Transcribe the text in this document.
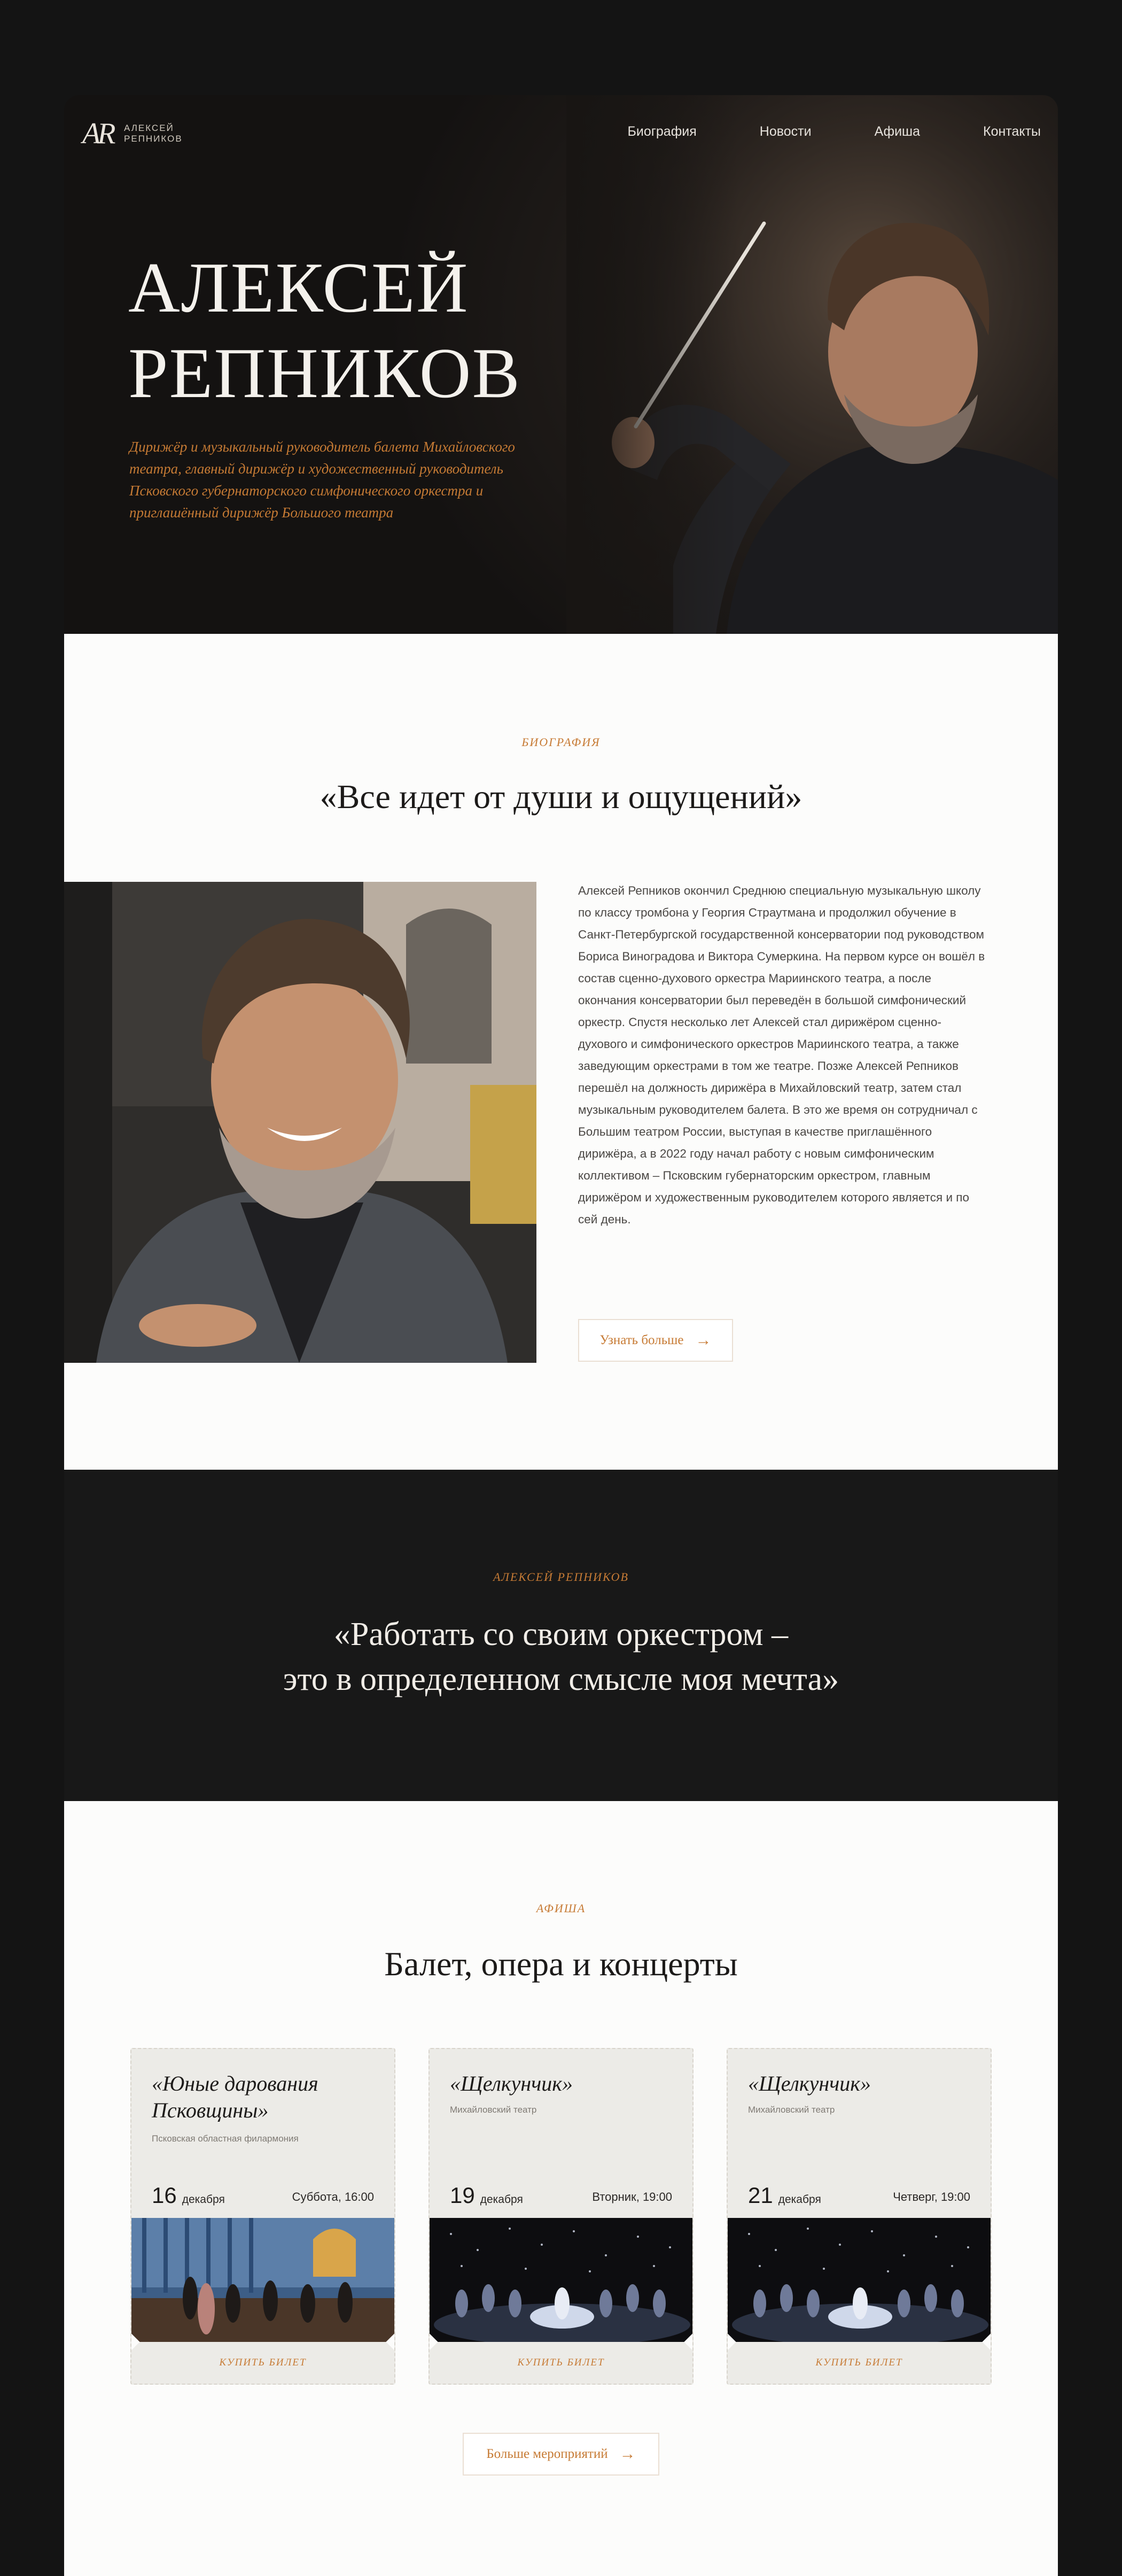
AR	АЛЕКСЕЙ
РЕПНИКОВ	Биография	Новости	Афиша	Контакты
АЛЕКСЕЙ
РЕПНИКОВ

Дирижёр и музыкальный руководитель балета Михайловского театра, главный дирижёр и художественный руководитель Псковского губернаторского симфонического оркестра и приглашённый дирижёр Большого театра

БИОГРАФИЯ
«Все идет от души и ощущений»

Алексей Репников окончил Среднюю специальную музыкальную школу по классу тромбона у Георгия Страутмана и продолжил обучение в Санкт-Петербургской государственной консерватории под руководством Бориса Виноградова и Виктора Сумеркина. На первом курсе он вошёл в состав сценно-духового оркестра Мариинского театра, а после окончания консерватории был переведён в большой симфонический оркестр. Спустя несколько лет Алексей стал дирижёром сценно-духового и симфонического оркестров Мариинского театра, а также заведующим оркестрами в том же театре. Позже Алексей Репников перешёл на должность дирижёра в Михайловский театр, затем стал музыкальным руководителем балета. В это же время он сотрудничал с Большим театром России, выступая в качестве приглашённого дирижёра, а в 2022 году начал работу с новым симфоническим коллективом – Псковским губернаторским оркестром, главным дирижёром и художественным руководителем которого является и по сей день.

Узнать больше →
АЛЕКСЕЙ РЕПНИКОВ
«Работать со своим оркестром –
это в определенном смысле моя мечта»
АФИША
Балет, опера и концерты
«Юные дарования Псковщины»
Псковская областная филармония
16 декабря	Суббота, 16:00
КУПИТЬ БИЛЕТ
«Щелкунчик»
Михайловский театр
19 декабря	Вторник, 19:00
КУПИТЬ БИЛЕТ
«Щелкунчик»
Михайловский театр
21 декабря	Четверг, 19:00
КУПИТЬ БИЛЕТ
Больше мероприятий →
